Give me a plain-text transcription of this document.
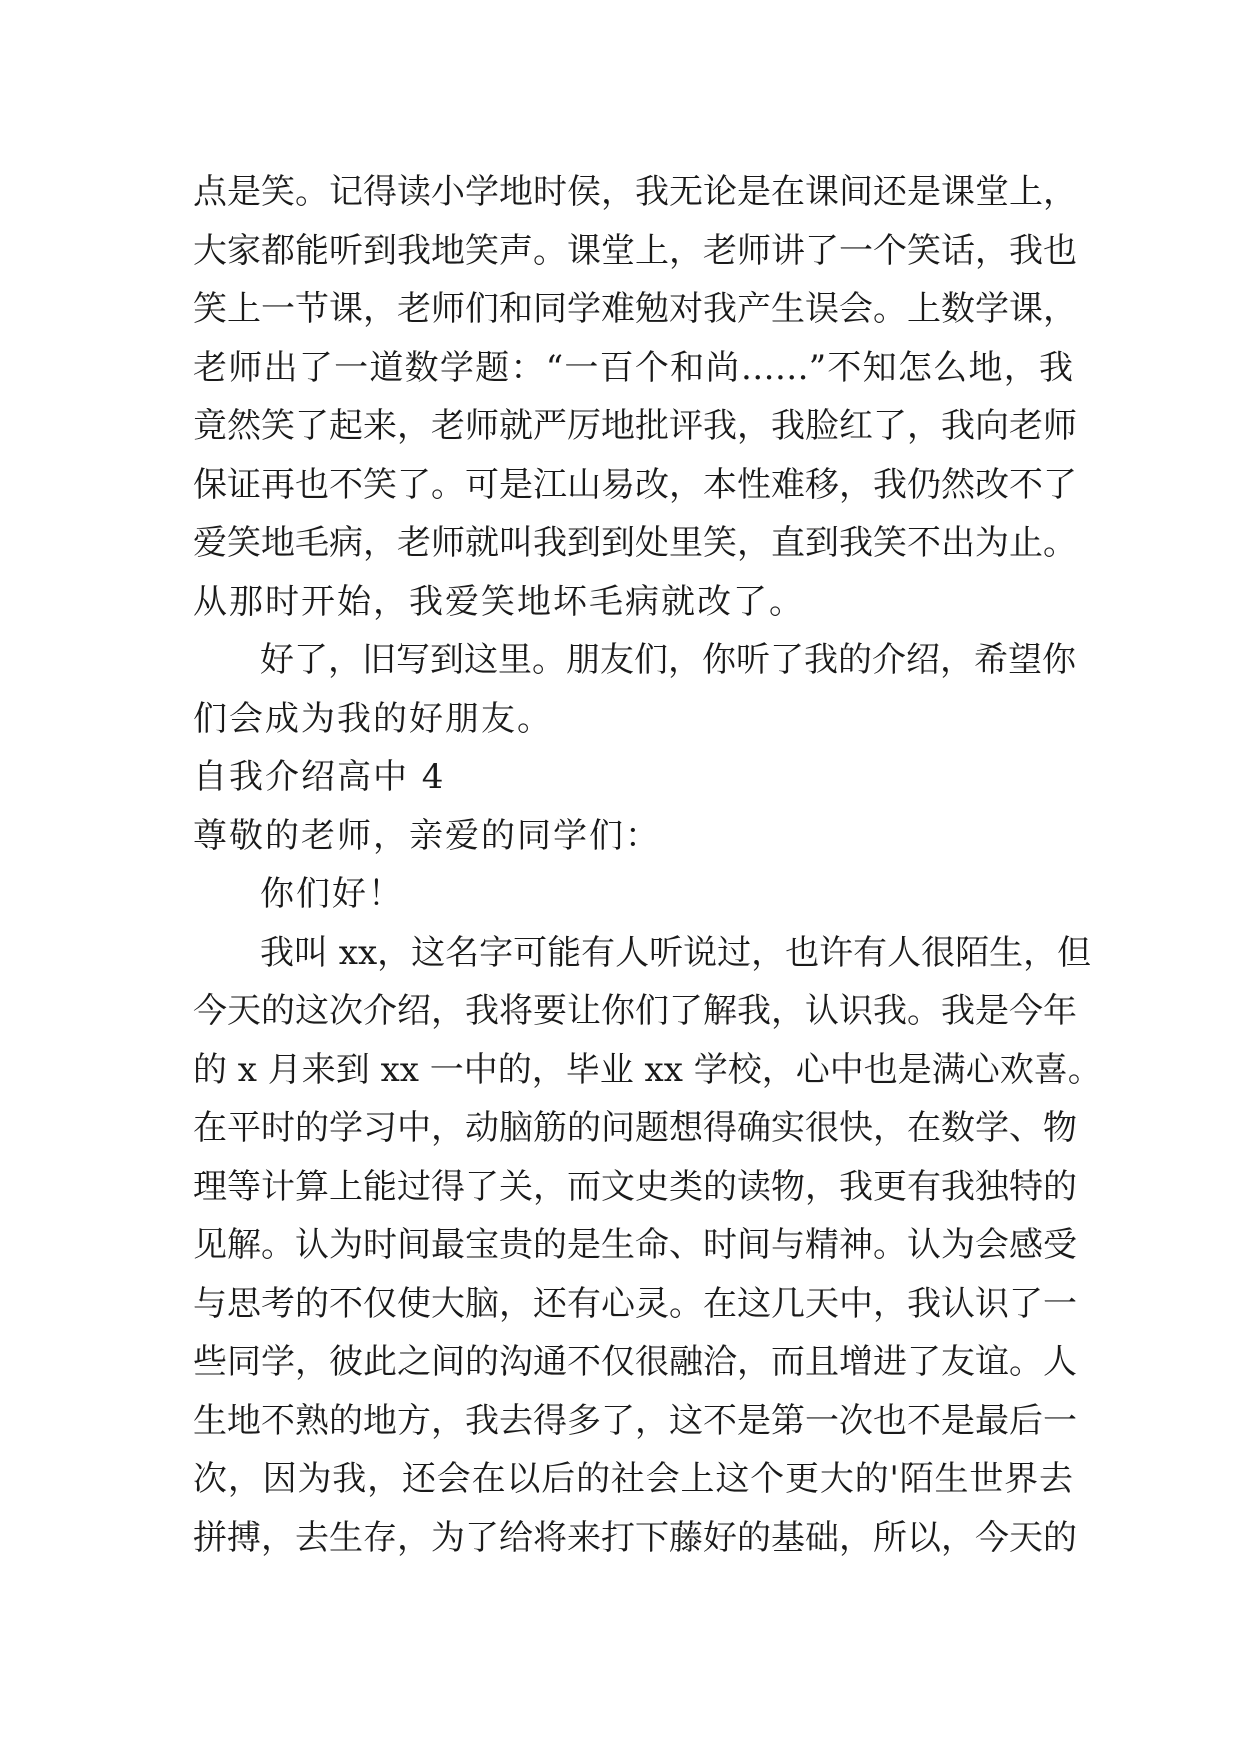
点是笑。记得读小学地时侯，我无论是在课间还是课堂上，
大家都能听到我地笑声。课堂上，老师讲了一个笑话，我也
笑上一节课，老师们和同学难勉对我产生误会。上数学课，
老师出了一道数学题：“一百个和尚……”不知怎么地，我
竟然笑了起来，老师就严厉地批评我，我脸红了，我向老师
保证再也不笑了。可是江山易改，本性难移，我仍然改不了
爱笑地毛病，老师就叫我到到处里笑，直到我笑不出为止。
从那时开始，我爱笑地坏毛病就改了。
好了，旧写到这里。朋友们，你听了我的介绍，希望你
们会成为我的好朋友。
自我介绍高中 4
尊敬的老师，亲爱的同学们：
你们好！
我叫 xx，这名字可能有人听说过，也许有人很陌生，但
今天的这次介绍，我将要让你们了解我，认识我。我是今年
的 x 月来到 xx 一中的，毕业 xx 学校，心中也是满心欢喜。
在平时的学习中，动脑筋的问题想得确实很快，在数学、物
理等计算上能过得了关，而文史类的读物，我更有我独特的
见解。认为时间最宝贵的是生命、时间与精神。认为会感受
与思考的不仅使大脑，还有心灵。在这几天中，我认识了一
些同学，彼此之间的沟通不仅很融洽，而且增进了友谊。人
生地不熟的地方，我去得多了，这不是第一次也不是最后一
次，因为我，还会在以后的社会上这个更大的'陌生世界去
拼搏，去生存，为了给将来打下藤好的基础，所以，今天的
